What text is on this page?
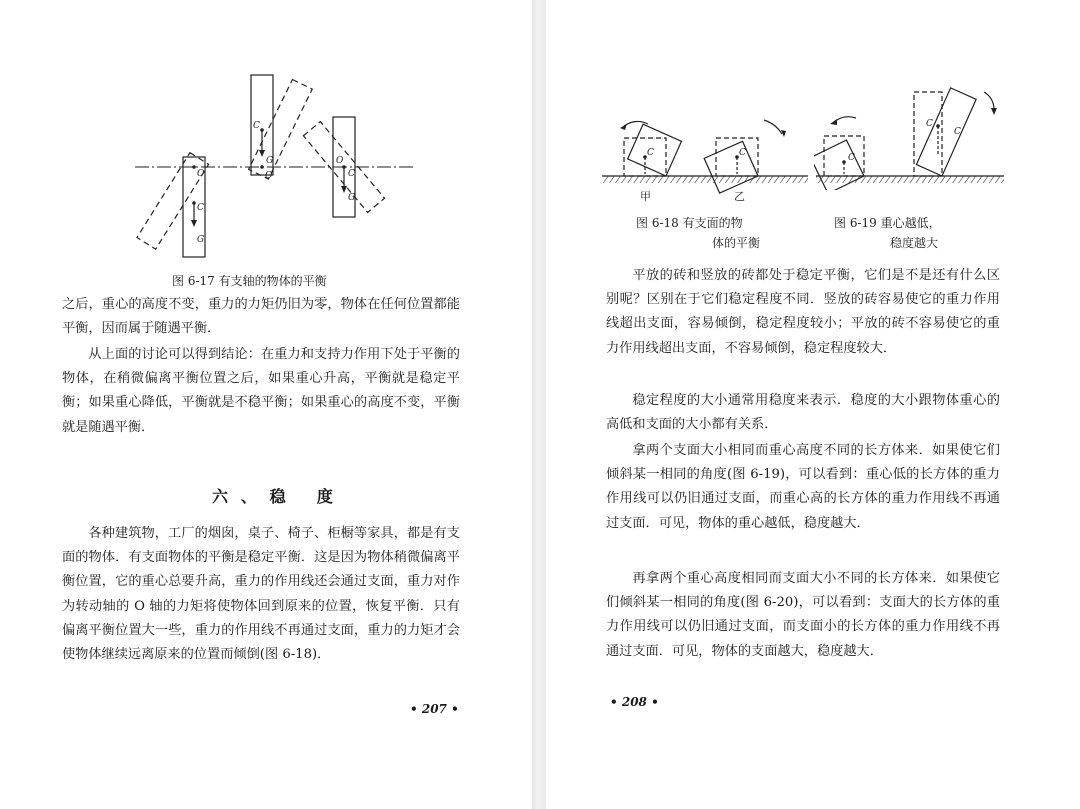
O
C
G
C
G
O
O
C
G
图 6-17 有支轴的物体的平衡

之后，重心的高度不变，重力的力矩仍旧为零，物体在任何位置都能平衡，因而属于随遇平衡．

从上面的讨论可以得到结论：在重力和支持力作用下处于平衡的物体，在稍微偏离平衡位置之后，如果重心升高，平衡就是稳定平衡；如果重心降低，平衡就是不稳平衡；如果重心的高度不变，平衡就是随遇平衡．

六、稳 度

各种建筑物，工厂的烟囱，桌子、椅子、柜橱等家具，都是有支面的物体．有支面物体的平衡是稳定平衡．这是因为物体稍微偏离平衡位置，它的重心总要升高，重力的作用线还会通过支面，重力对作为转动轴的 O 轴的力矩将使物体回到原来的位置，恢复平衡．只有偏离平衡位置大一些，重力的作用线不再通过支面，重力的力矩才会使物体继续远离原来的位置而倾倒(图 6-18)．

• 207 •
C	C
甲	乙
图 6-18 有支面的物
体的平衡
C
C
C
图 6-19 重心越低，
稳度越大

平放的砖和竖放的砖都处于稳定平衡，它们是不是还有什么区别呢？区别在于它们稳定程度不同．竖放的砖容易使它的重力作用线超出支面，容易倾倒，稳定程度较小；平放的砖不容易使它的重力作用线超出支面，不容易倾倒，稳定程度较大．

稳定程度的大小通常用稳度来表示．稳度的大小跟物体重心的高低和支面的大小都有关系．

拿两个支面大小相同而重心高度不同的长方体来．如果使它们倾斜某一相同的角度(图 6-19)，可以看到：重心低的长方体的重力作用线可以仍旧通过支面，而重心高的长方体的重力作用线不再通过支面．可见，物体的重心越低，稳度越大．

再拿两个重心高度相同而支面大小不同的长方体来．如果使它们倾斜某一相同的角度(图 6-20)，可以看到：支面大的长方体的重力作用线可以仍旧通过支面，而支面小的长方体的重力作用线不再通过支面．可见，物体的支面越大，稳度越大．

• 208 •
